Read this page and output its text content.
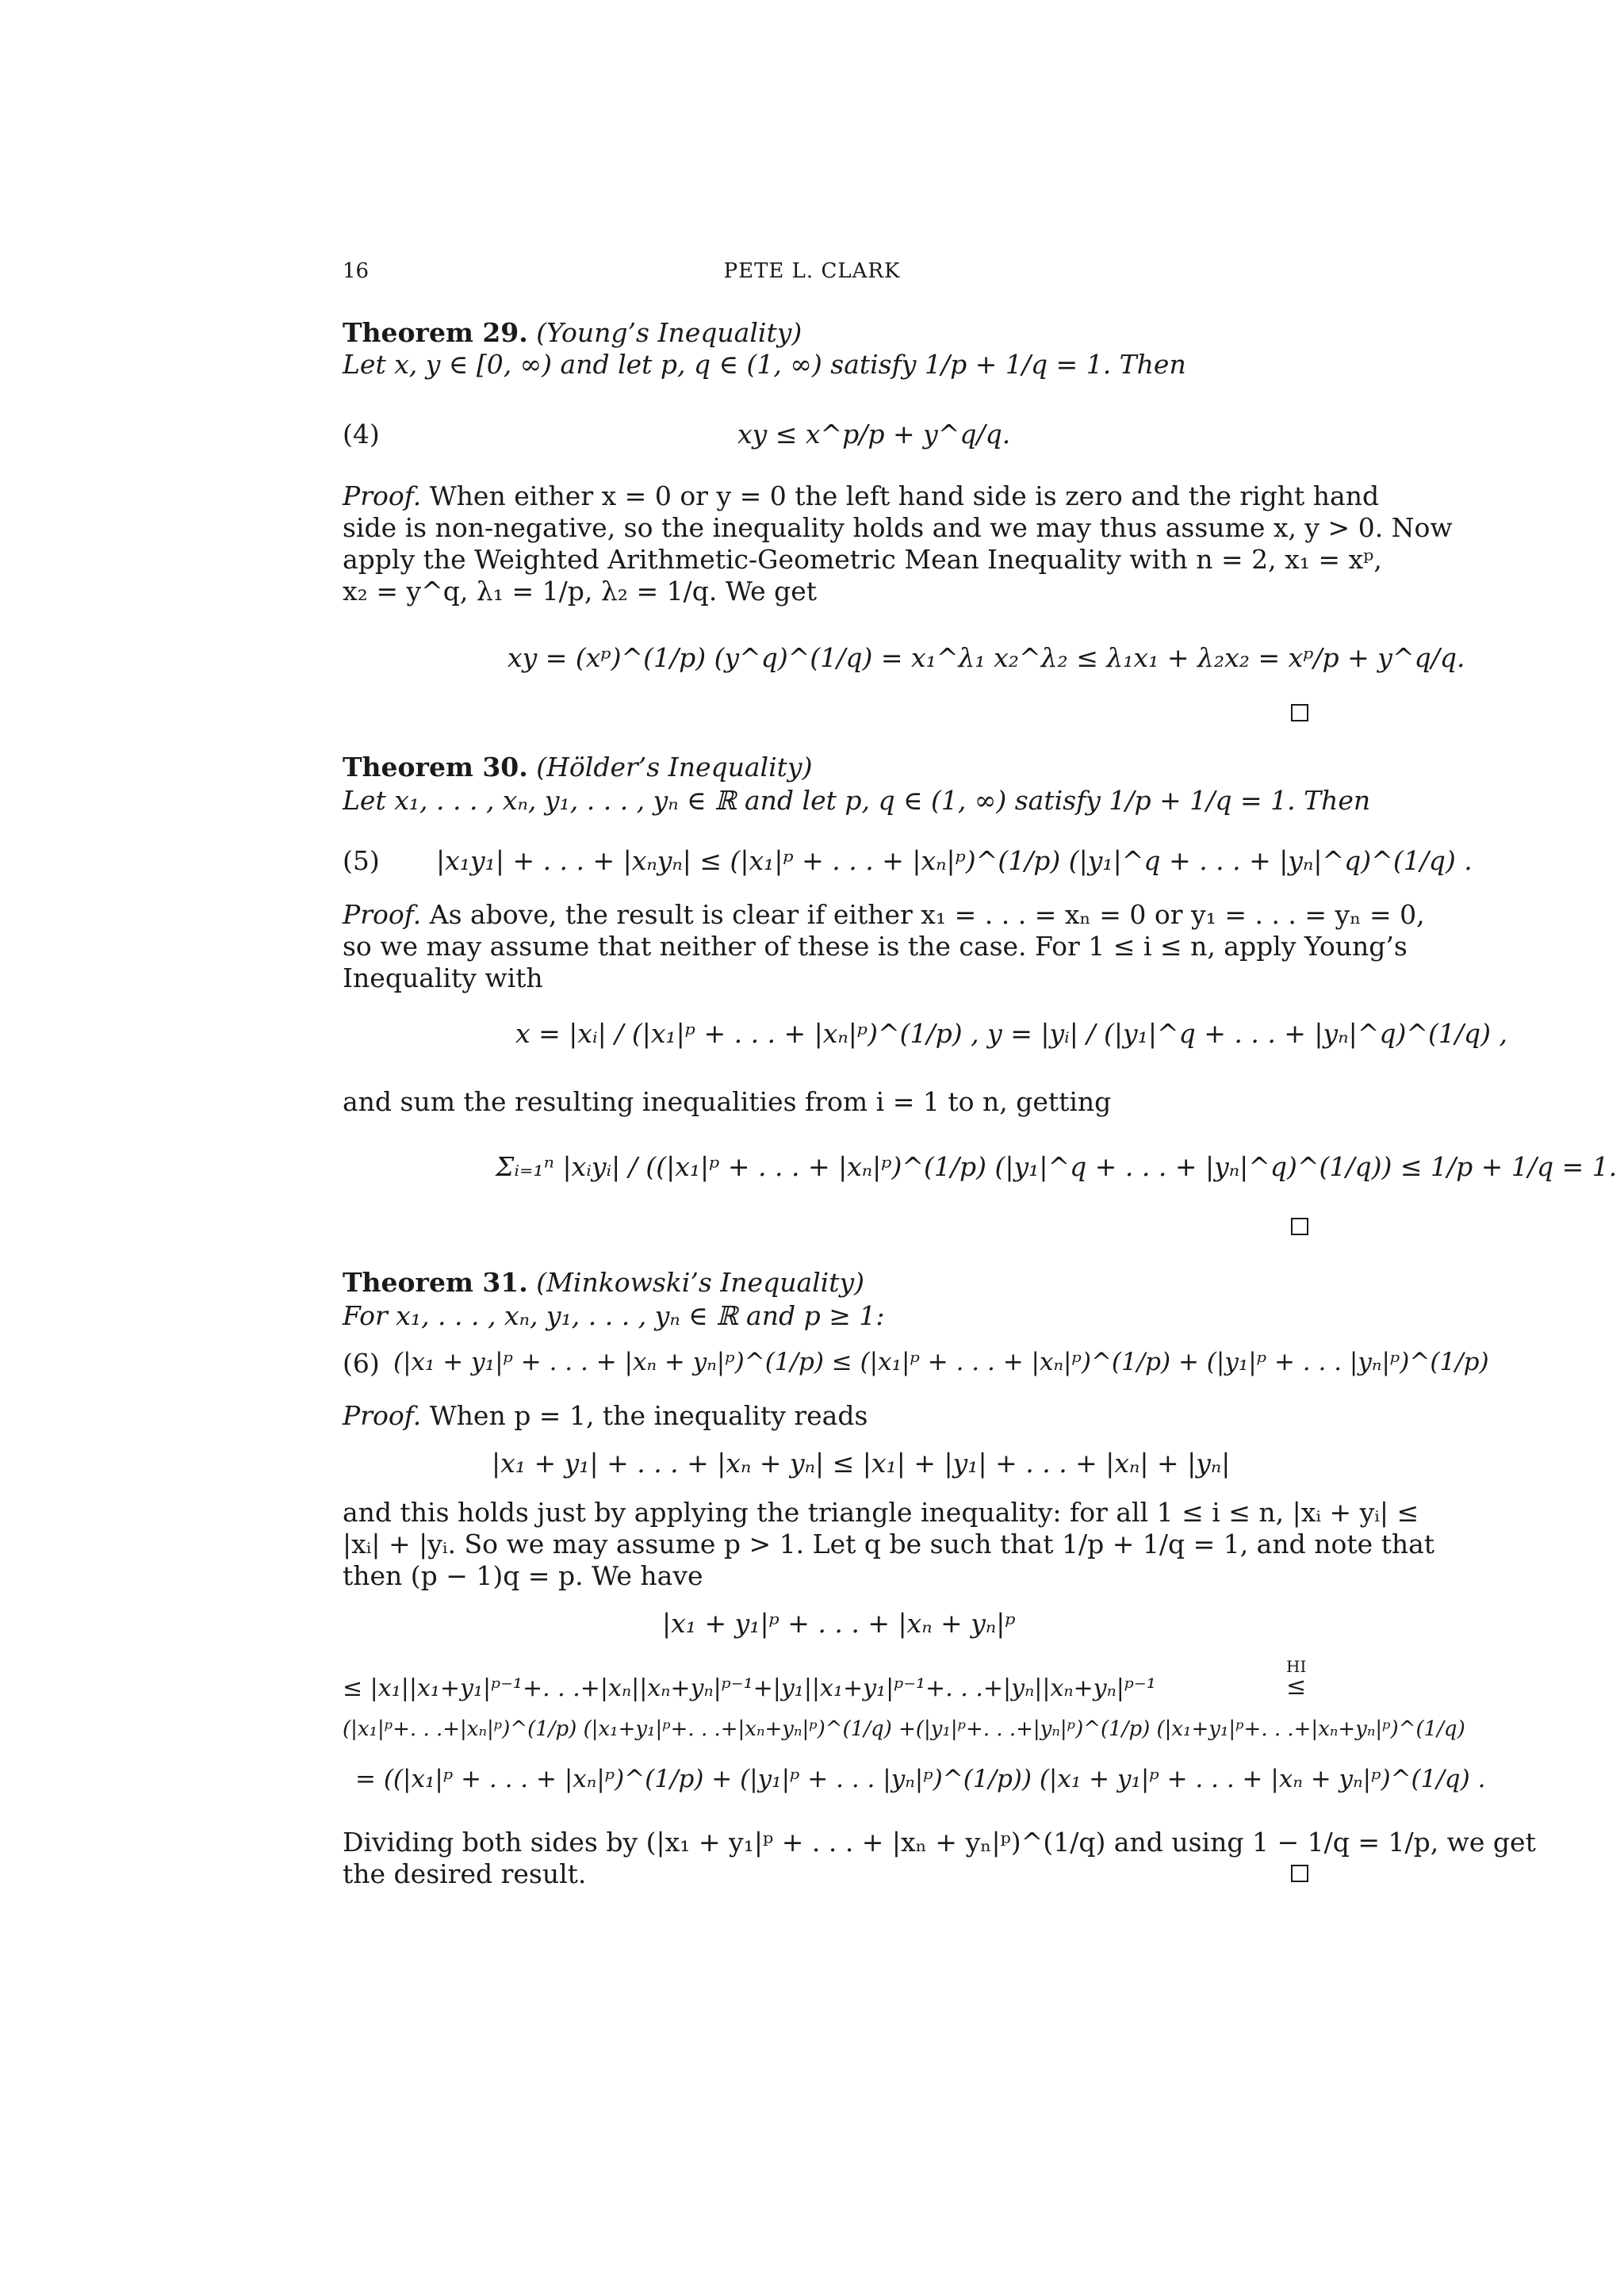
16	PETE L. CLARK
Theorem 29. (Young’s Inequality)
Let x, y ∈ [0, ∞) and let p, q ∈ (1, ∞) satisfy 1/p + 1/q = 1. Then
(4)	xy ≤ x^p/p + y^q/q.
Proof. When either x = 0 or y = 0 the left hand side is zero and the right hand
side is non-negative, so the inequality holds and we may thus assume x, y > 0. Now
apply the Weighted Arithmetic-Geometric Mean Inequality with n = 2, x₁ = xᵖ,
x₂ = y^q, λ₁ = 1/p, λ₂ = 1/q. We get
xy = (xᵖ)^(1/p) (y^q)^(1/q) = x₁^λ₁ x₂^λ₂ ≤ λ₁x₁ + λ₂x₂ = xᵖ/p + y^q/q.
Theorem 30. (Hölder’s Inequality)
Let x₁, . . . , xₙ, y₁, . . . , yₙ ∈ ℝ and let p, q ∈ (1, ∞) satisfy 1/p + 1/q = 1. Then
(5) |x₁y₁| + . . . + |xₙyₙ| ≤ (|x₁|ᵖ + . . . + |xₙ|ᵖ)^(1/p) (|y₁|^q + . . . + |yₙ|^q)^(1/q) .
Proof. As above, the result is clear if either x₁ = . . . = xₙ = 0 or y₁ = . . . = yₙ = 0,
so we may assume that neither of these is the case. For 1 ≤ i ≤ n, apply Young’s
Inequality with
x = |xᵢ| / (|x₁|ᵖ + . . . + |xₙ|ᵖ)^(1/p) , y = |yᵢ| / (|y₁|^q + . . . + |yₙ|^q)^(1/q) ,
and sum the resulting inequalities from i = 1 to n, getting
Σᵢ₌₁ⁿ |xᵢyᵢ| / ((|x₁|ᵖ + . . . + |xₙ|ᵖ)^(1/p) (|y₁|^q + . . . + |yₙ|^q)^(1/q)) ≤ 1/p + 1/q = 1.
Theorem 31. (Minkowski’s Inequality)
For x₁, . . . , xₙ, y₁, . . . , yₙ ∈ ℝ and p ≥ 1:
(6) (|x₁ + y₁|ᵖ + . . . + |xₙ + yₙ|ᵖ)^(1/p) ≤ (|x₁|ᵖ + . . . + |xₙ|ᵖ)^(1/p) + (|y₁|ᵖ + . . . |yₙ|ᵖ)^(1/p)
Proof. When p = 1, the inequality reads
|x₁ + y₁| + . . . + |xₙ + yₙ| ≤ |x₁| + |y₁| + . . . + |xₙ| + |yₙ|
and this holds just by applying the triangle inequality: for all 1 ≤ i ≤ n, |xᵢ + yᵢ| ≤
|xᵢ| + |yᵢ. So we may assume p > 1. Let q be such that 1/p + 1/q = 1, and note that
then (p − 1)q = p. We have
|x₁ + y₁|ᵖ + . . . + |xₙ + yₙ|ᵖ
≤ |x₁||x₁+y₁|ᵖ⁻¹+. . .+|xₙ||xₙ+yₙ|ᵖ⁻¹+|y₁||x₁+y₁|ᵖ⁻¹+. . .+|yₙ||xₙ+yₙ|ᵖ⁻¹
HI
≤
(|x₁|ᵖ+. . .+|xₙ|ᵖ)^(1/p) (|x₁+y₁|ᵖ+. . .+|xₙ+yₙ|ᵖ)^(1/q) +(|y₁|ᵖ+. . .+|yₙ|ᵖ)^(1/p) (|x₁+y₁|ᵖ+. . .+|xₙ+yₙ|ᵖ)^(1/q)
= ((|x₁|ᵖ + . . . + |xₙ|ᵖ)^(1/p) + (|y₁|ᵖ + . . . |yₙ|ᵖ)^(1/p)) (|x₁ + y₁|ᵖ + . . . + |xₙ + yₙ|ᵖ)^(1/q) .
Dividing both sides by (|x₁ + y₁|ᵖ + . . . + |xₙ + yₙ|ᵖ)^(1/q) and using 1 − 1/q = 1/p, we get
the desired result.
